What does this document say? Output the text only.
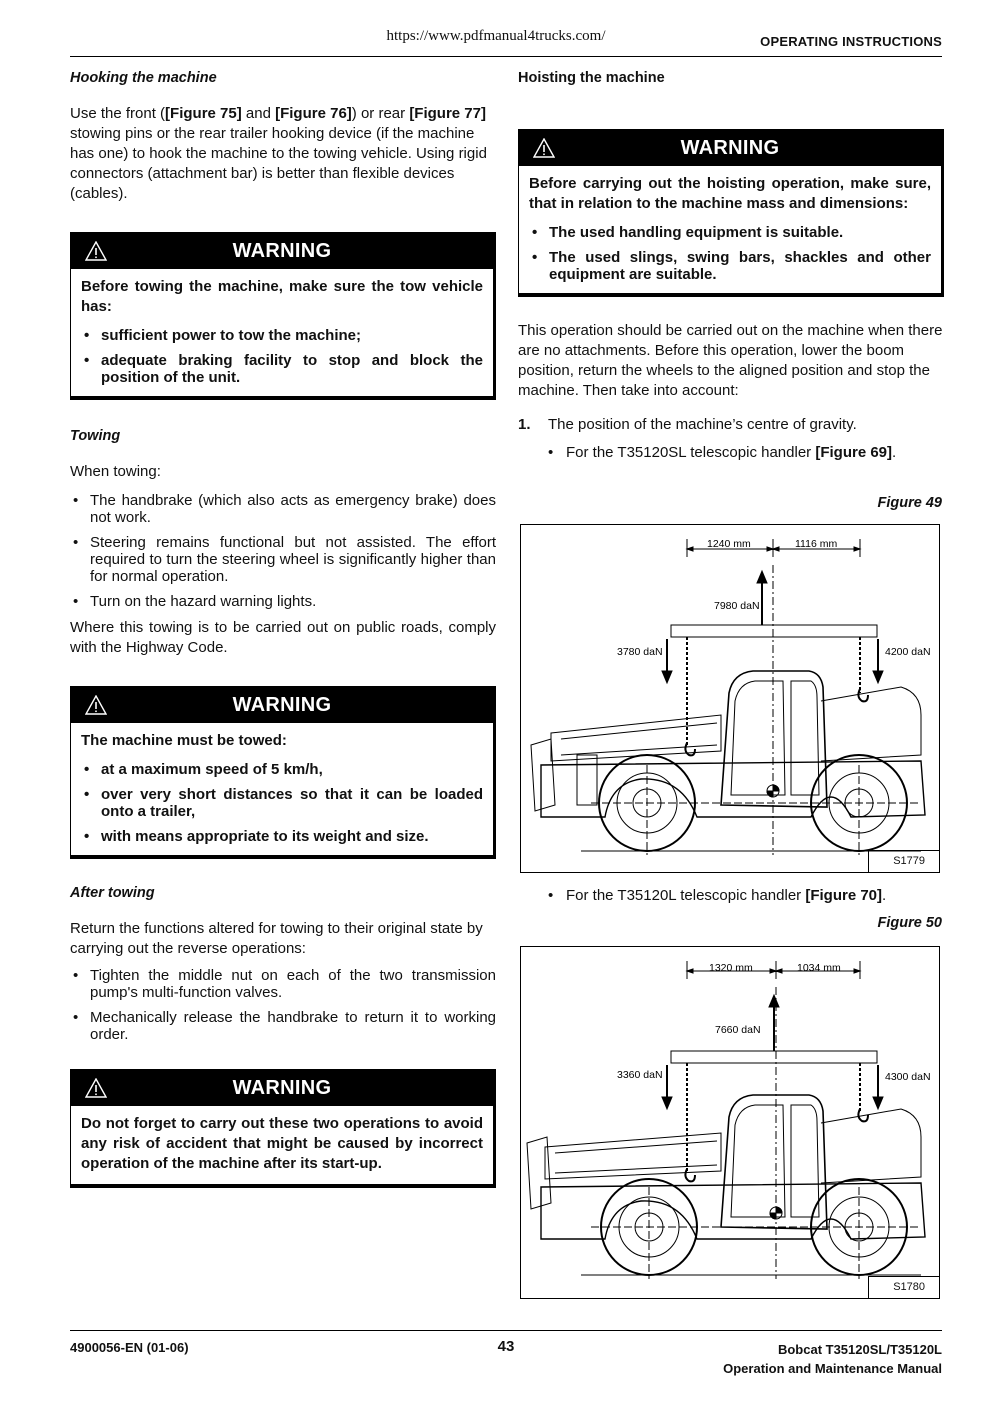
https://www.pdfmanual4trucks.com/	OPERATING INSTRUCTIONS

Hooking the machine

Use the front ([Figure 75] and [Figure 76]) or rear [Figure 77] stowing pins or the rear trailer hooking device (if the machine has one) to hook the machine to the towing vehicle. Using rigid connectors (attachment bar) is better than flexible devices (cables).

WARNING

Before towing the machine, make sure the tow vehicle has:

• sufficient power to tow the machine;
• adequate braking facility to stop and block the position of the unit.

Towing

When towing:

• The handbrake (which also acts as emergency brake) does not work.
• Steering remains functional but not assisted. The effort required to turn the steering wheel is significantly higher than for normal operation.
• Turn on the hazard warning lights.

Where this towing is to be carried out on public roads, comply with the Highway Code.

WARNING

The machine must be towed:

• at a maximum speed of 5 km/h,
• over very short distances so that it can be loaded onto a trailer,
• with means appropriate to its weight and size.

After towing

Return the functions altered for towing to their original state by carrying out the reverse operations:

• Tighten the middle nut on each of the two transmission pump's multi-function valves.
• Mechanically release the handbrake to return it to working order.
WARNING

Do not forget to carry out these two operations to avoid any risk of accident that might be caused by incorrect operation of the machine after its start-up.

Hoisting the machine

WARNING

Before carrying out the hoisting operation, make sure, that in relation to the machine mass and dimensions:

• The used handling equipment is suitable.
• The used slings, swing bars, shackles and other equipment are suitable.

This operation should be carried out on the machine when there are no attachments. Before this operation, lower the boom position, return the wheels to the aligned position and stop the machine. Then take into account:

1. The position of the machine’s centre of gravity.
• For the T35120SL telescopic handler [Figure 69].
Figure 49
1240 mm	1116 mm
7980 daN
3780 daN	4200 daN
S1779
• For the T35120L telescopic handler [Figure 70].
Figure 50
1320 mm	1034 mm
7660 daN
3360 daN	4300 daN
S1780
4900056-EN (01-06)	43	Bobcat T35120SL/T35120L
Operation and Maintenance Manual
